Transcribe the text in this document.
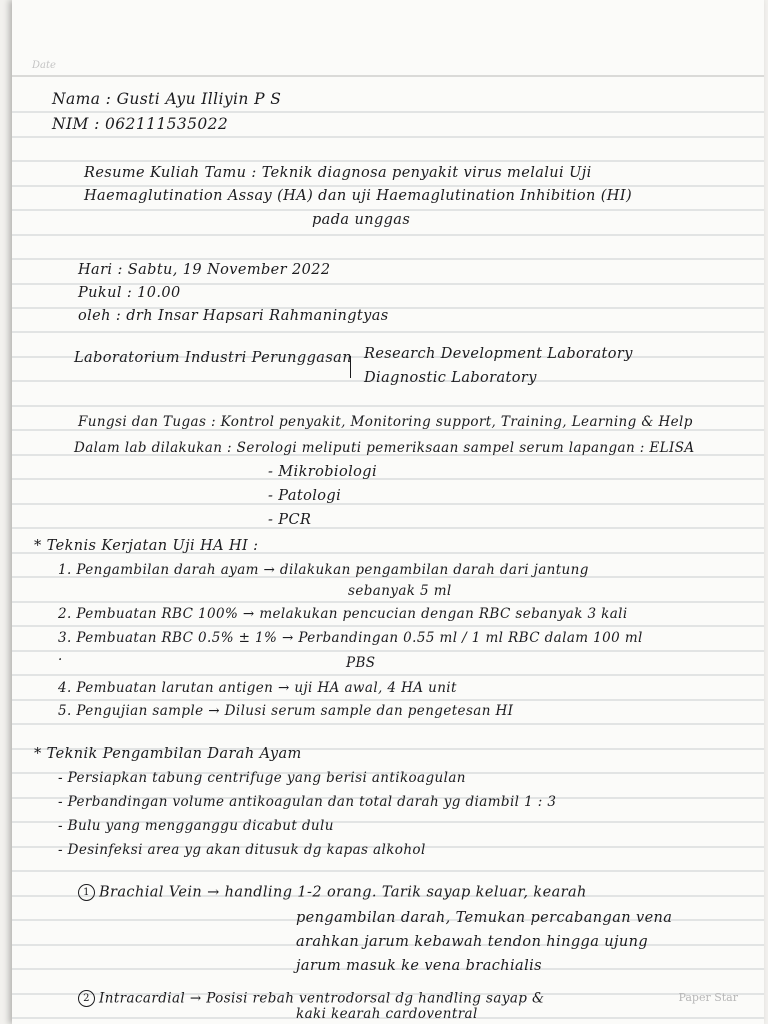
Date
Nama : Gusti Ayu Illiyin P S
NIM : 062111535022
Resume Kuliah Tamu : Teknik diagnosa penyakit virus melalui Uji
Haemaglutination Assay (HA) dan uji Haemaglutination Inhibition (HI)
pada unggas
Hari : Sabtu, 19 November 2022
Pukul : 10.00
oleh : drh Insar Hapsari Rahmaningtyas
Laboratorium Industri Perunggasan Research Development Laboratory
Diagnostic Laboratory
Fungsi dan Tugas : Kontrol penyakit, Monitoring support, Training, Learning & Help
Dalam lab dilakukan : Serologi meliputi pemeriksaan sampel serum lapangan : ELISA
- Mikrobiologi
- Patologi
- PCR
* Teknis Kerjatan Uji HA HI :
1. Pengambilan darah ayam → dilakukan pengambilan darah dari jantung
sebanyak 5 ml
2. Pembuatan RBC 100% → melakukan pencucian dengan RBC sebanyak 3 kali
3. Pembuatan RBC 0.5% ± 1% → Perbandingan 0.55 ml / 1 ml RBC dalam 100 ml
·	PBS
4. Pembuatan larutan antigen → uji HA awal, 4 HA unit
5. Pengujian sample → Dilusi serum sample dan pengetesan HI
* Teknik Pengambilan Darah Ayam
- Persiapkan tabung centrifuge yang berisi antikoagulan
- Perbandingan volume antikoagulan dan total darah yg diambil 1 : 3
- Bulu yang mengganggu dicabut dulu
- Desinfeksi area yg akan ditusuk dg kapas alkohol
1 Brachial Vein → handling 1-2 orang. Tarik sayap keluar, kearah
pengambilan darah, Temukan percabangan vena
arahkan jarum kebawah tendon hingga ujung
jarum masuk ke vena brachialis
2 Intracardial → Posisi rebah ventrodorsal dg handling sayap &
kaki kearah cardoventral
Paper Star
